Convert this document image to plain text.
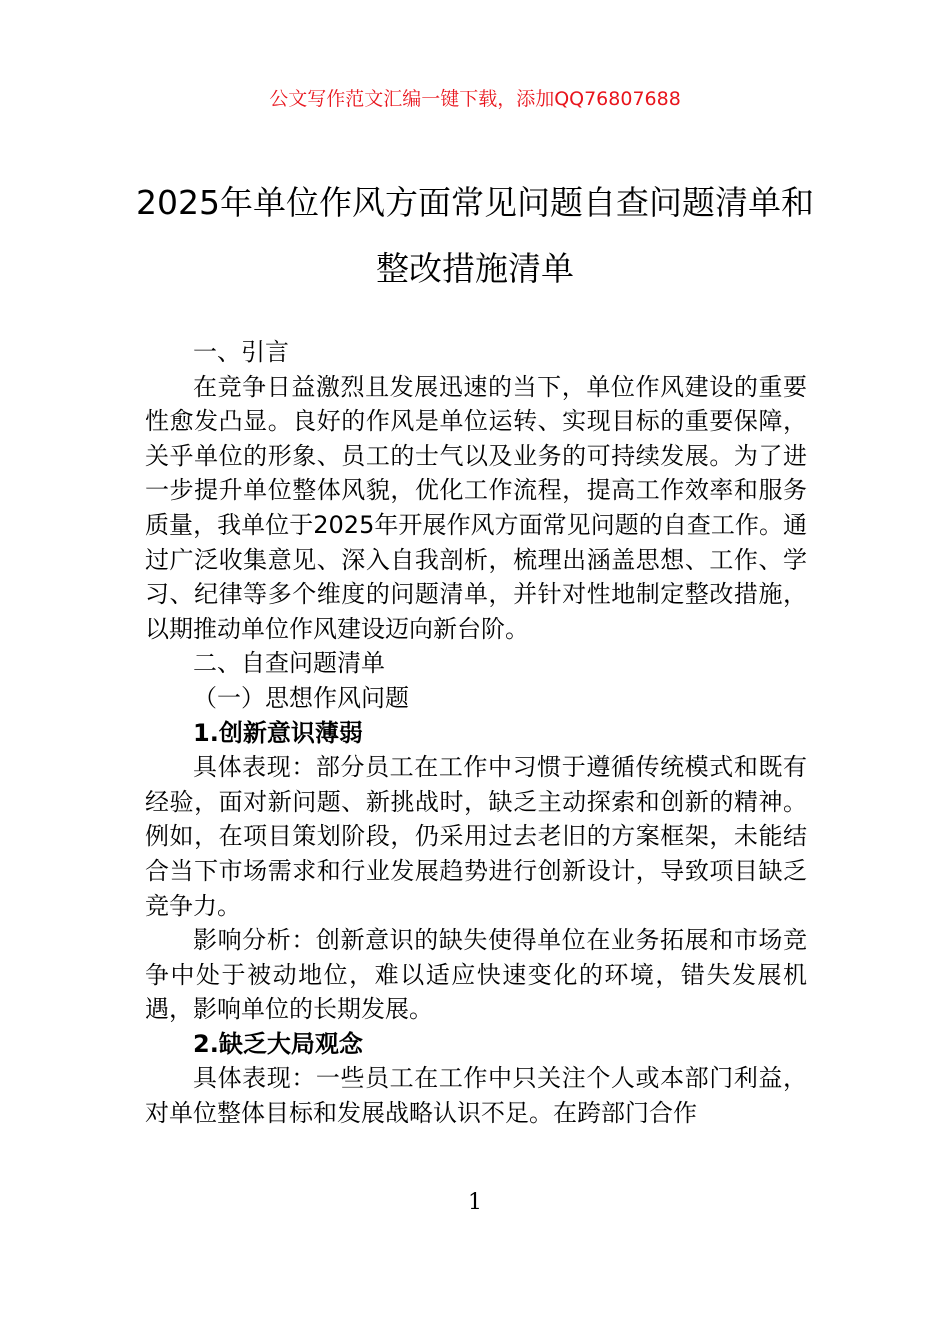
公文写作范文汇编一键下载，添加QQ76807688
2025年单位作风方面常见问题自查问题清单和整改措施清单

一、引言

在竞争日益激烈且发展迅速的当下，单位作风建设的重要性愈发凸显。良好的作风是单位运转、实现目标的重要保障，关乎单位的形象、员工的士气以及业务的可持续发展。为了进一步提升单位整体风貌，优化工作流程，提高工作效率和服务质量，我单位于2025年开展作风方面常见问题的自查工作。通过广泛收集意见、深入自我剖析，梳理出涵盖思想、工作、学习、纪律等多个维度的问题清单，并针对性地制定整改措施，以期推动单位作风建设迈向新台阶。

二、自查问题清单

（一）思想作风问题

1.创新意识薄弱

具体表现：部分员工在工作中习惯于遵循传统模式和既有经验，面对新问题、新挑战时，缺乏主动探索和创新的精神。例如，在项目策划阶段，仍采用过去老旧的方案框架，未能结合当下市场需求和行业发展趋势进行创新设计，导致项目缺乏竞争力。

影响分析：创新意识的缺失使得单位在业务拓展和市场竞争中处于被动地位，难以适应快速变化的环境，错失发展机遇，影响单位的长期发展。

2.缺乏大局观念

具体表现：一些员工在工作中只关注个人或本部门利益，对单位整体目标和发展战略认识不足。在跨部门合作

1
